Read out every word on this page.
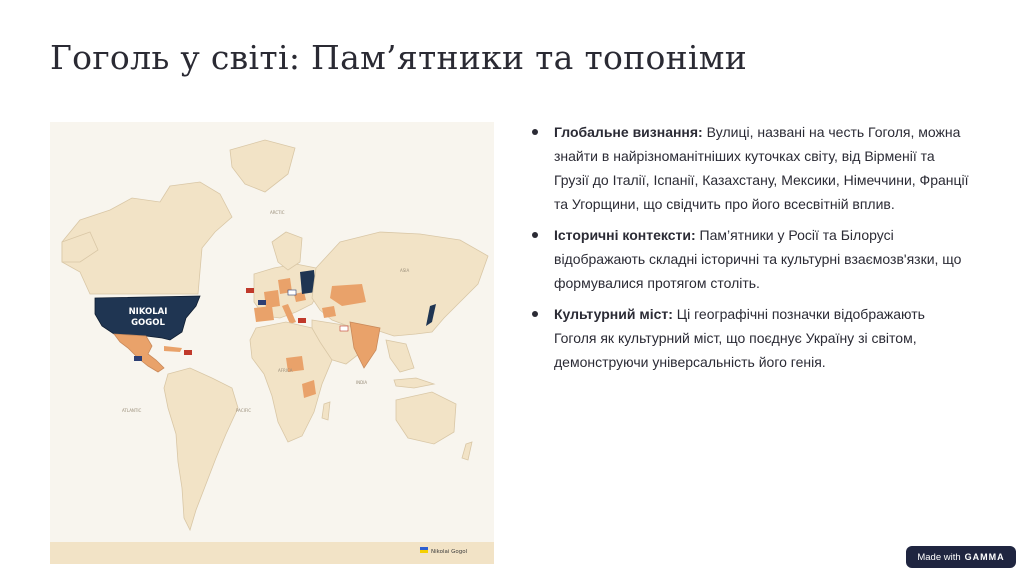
Гоголь у світі: Пам’ятники та топоніми
NIKOLAI
GOGOL
ARCTIC
ASIA
AFRICA
INDIA
ATLANTIC	PACIFIC
Nikolai Gogol
Глобальне визнання: Вулиці, названі на честь Гоголя, можна знайти в найрізноманітніших куточках світу, від Вірменії та Грузії до Італії, Іспанії, Казахстану, Мексики, Німеччини, Франції та Угорщини, що свідчить про його всесвітній вплив.
Історичні контексти: Пам’ятники у Росії та Білорусі відображають складні історичні та культурні взаємозв'язки, що формувалися протягом століть.
Культурний міст: Ці географічні позначки відображають Гоголя як культурний міст, що поєднує Україну зі світом, демонструючи універсальність його генія.
Made with GAMMA
